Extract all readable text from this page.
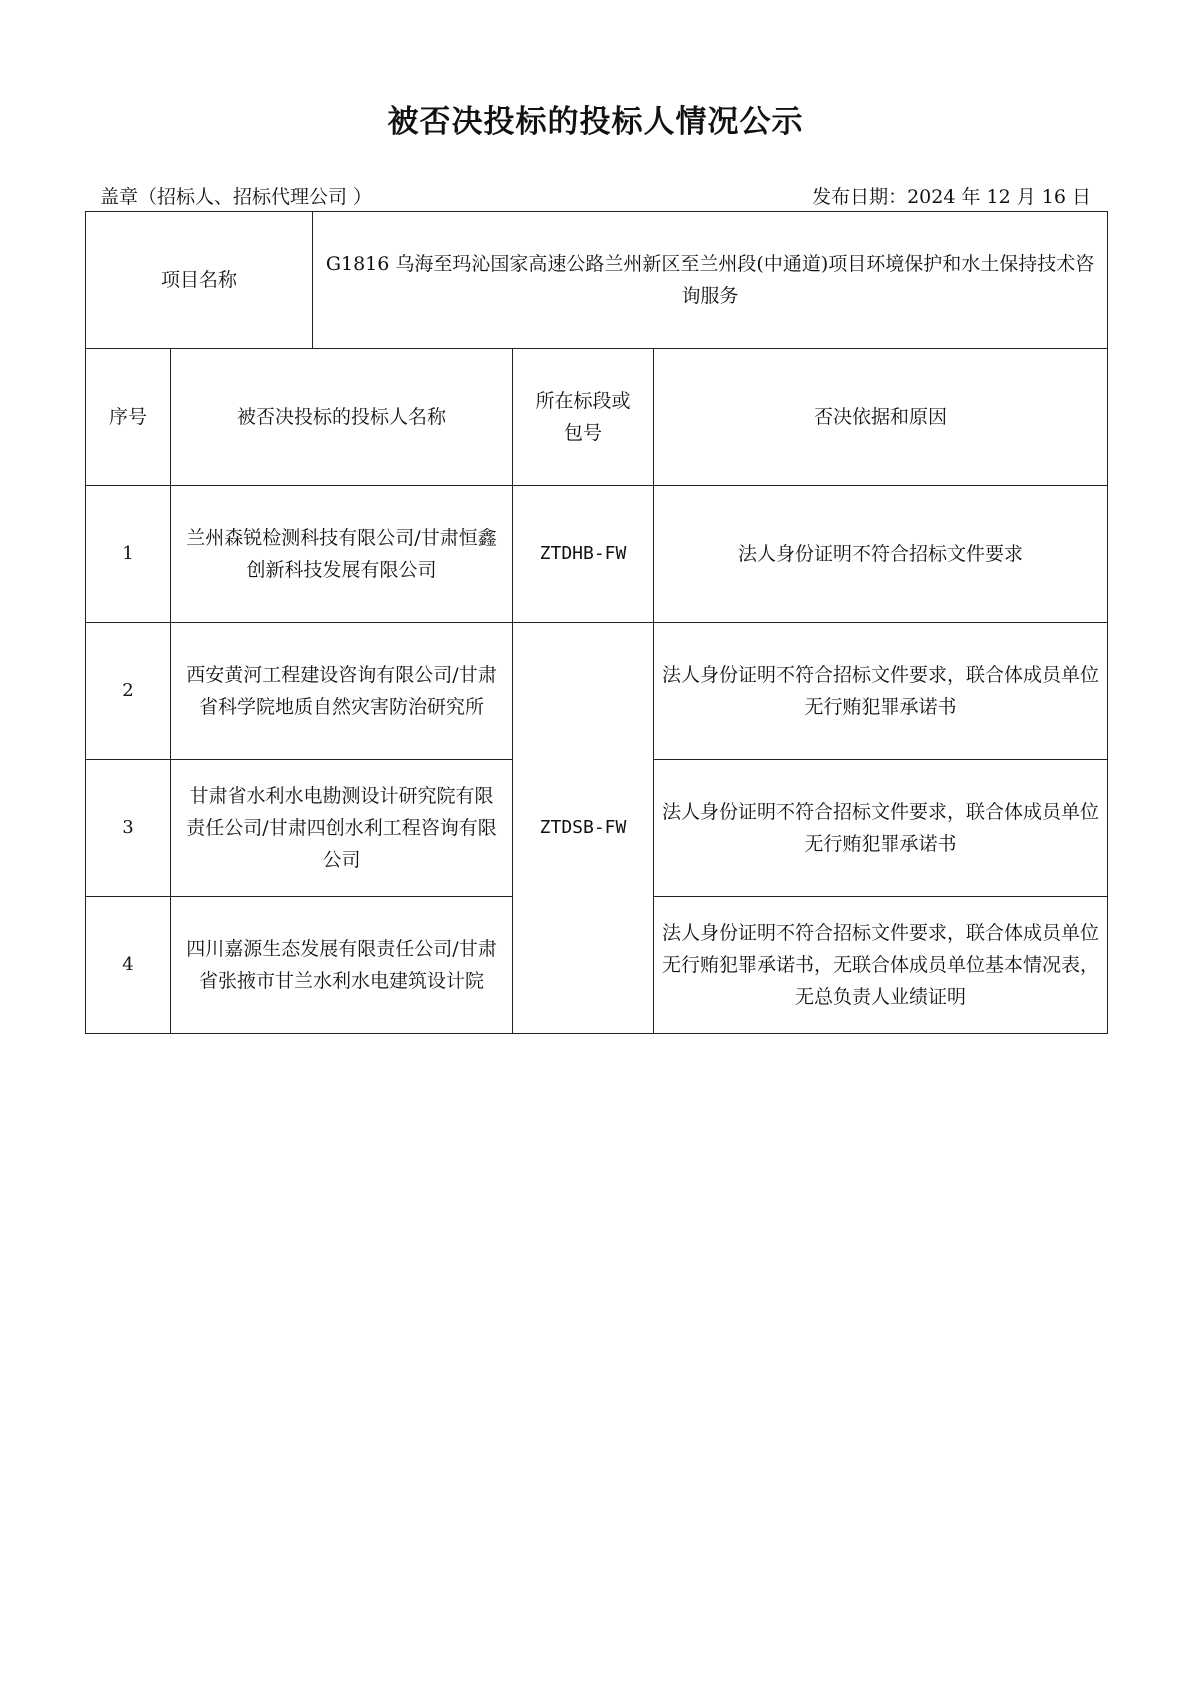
被否决投标的投标人情况公示
盖章（招标人、招标代理公司 ）	发布日期：2024 年 12 月 16 日
项目名称		G1816 乌海至玛沁国家高速公路兰州新区至兰州段(中通道)项目环境保护和水土保持技术咨询服务		
序号	被否决投标的投标人名称		所在标段或包号	否决依据和原因
1	兰州森锐检测科技有限公司/甘肃恒鑫创新科技发展有限公司		ZTDHB-FW	法人身份证明不符合招标文件要求
2	西安黄河工程建设咨询有限公司/甘肃省科学院地质自然灾害防治研究所		ZTDSB-FW	法人身份证明不符合招标文件要求，联合体成员单位无行贿犯罪承诺书
3	甘肃省水利水电勘测设计研究院有限责任公司/甘肃四创水利工程咨询有限公司			法人身份证明不符合招标文件要求，联合体成员单位无行贿犯罪承诺书
4	四川嘉源生态发展有限责任公司/甘肃省张掖市甘兰水利水电建筑设计院			法人身份证明不符合招标文件要求，联合体成员单位无行贿犯罪承诺书，无联合体成员单位基本情况表，无总负责人业绩证明
